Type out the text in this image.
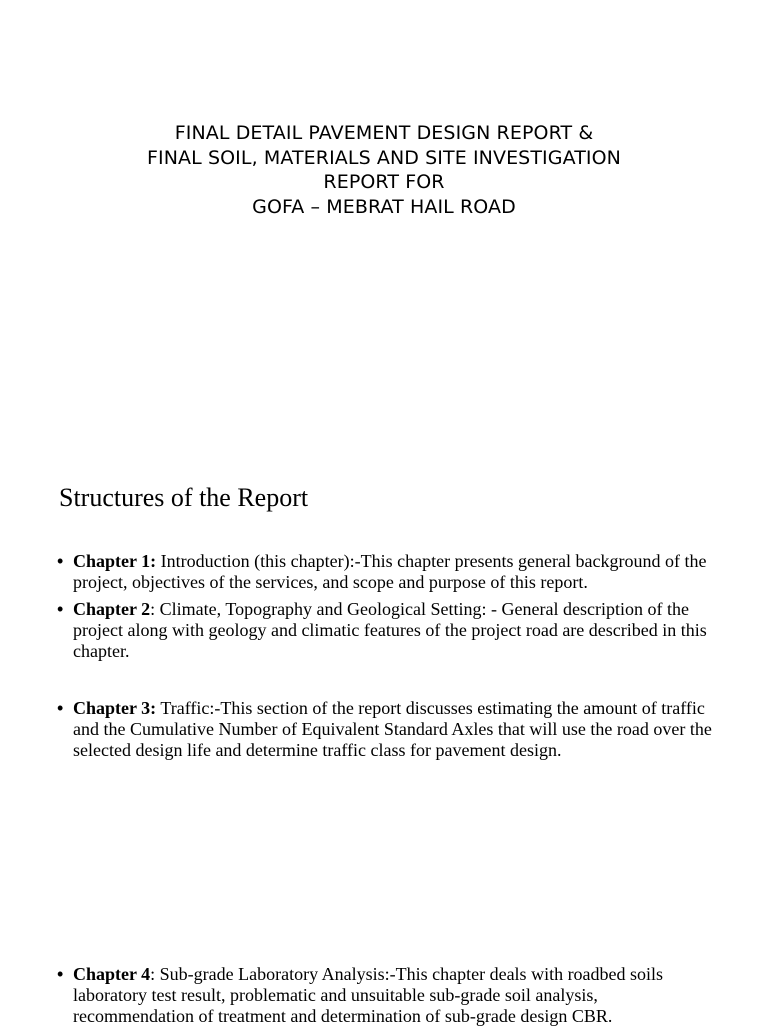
FINAL DETAIL PAVEMENT DESIGN REPORT &
FINAL SOIL, MATERIALS AND SITE INVESTIGATION
REPORT FOR
GOFA – MEBRAT HAIL ROAD
Structures of the Report
• Chapter 1: Introduction (this chapter):-This chapter presents general background of the project, objectives of the services, and scope and purpose of this report.
• Chapter 2: Climate, Topography and Geological Setting: - General description of the project along with geology and climatic features of the project road are described in this chapter.
• Chapter 3: Traffic:-This section of the report discusses estimating the amount of traffic and the Cumulative Number of Equivalent Standard Axles that will use the road over the selected design life and determine traffic class for pavement design.
• Chapter 4: Sub-grade Laboratory Analysis:-This chapter deals with roadbed soils laboratory test result, problematic and unsuitable sub-grade soil analysis, recommendation of treatment and determination of sub-grade design CBR.
